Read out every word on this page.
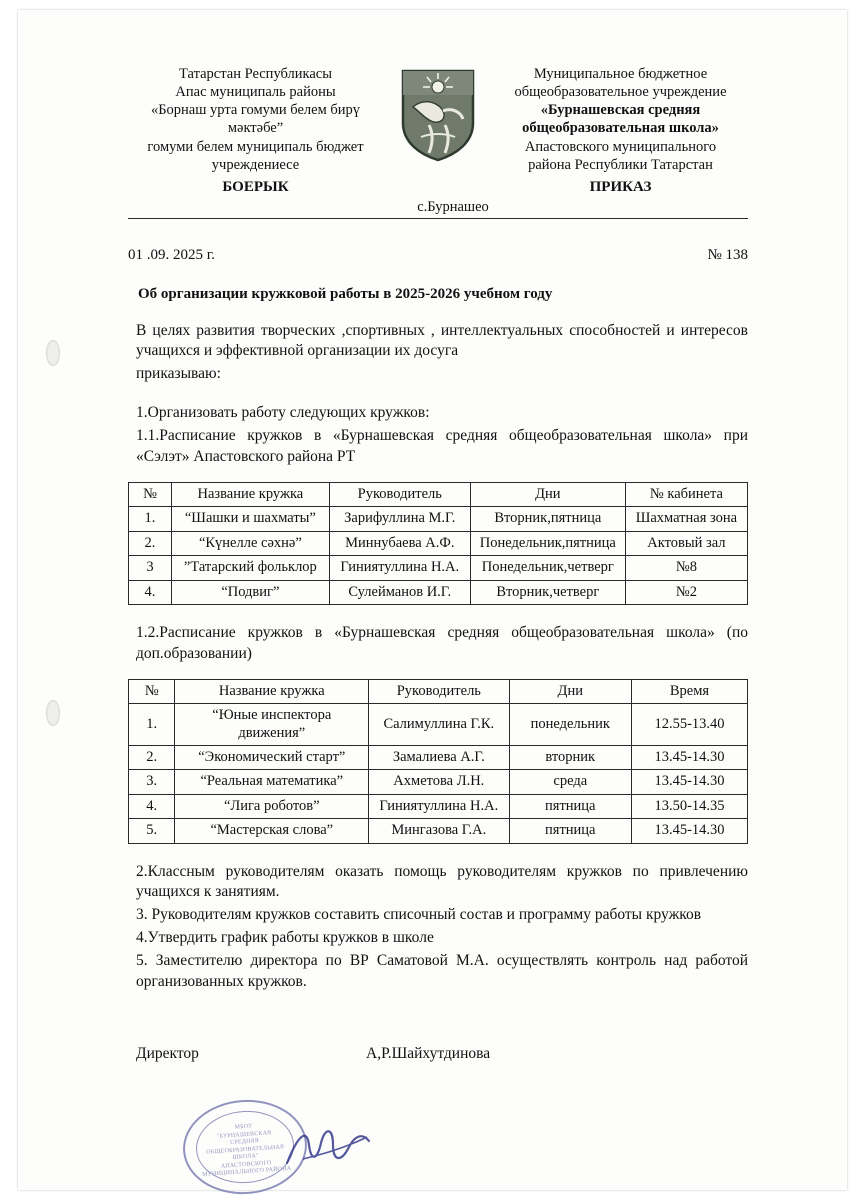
Татарстан Республикасы
Апас муниципаль районы
«Борнаш урта гомуми белем бирү
мәктәбе”
гомуми белем муниципаль бюджет
учреждениесе
БОЕРЫК
Муниципальное бюджетное
общеобразовательное учреждение
«Бурнашевская средняя
общеобразовательная школа»
Апастовского муниципального
района Республики Татарстан
ПРИКАЗ
с.Бурнашео
01 .09. 2025 г.	№ 138
Об организации кружковой работы в 2025-2026 учебном году

В целях развития творческих ,спортивных , интеллектуальных способностей и интересов учащихся и эффективной организации их досуга

приказываю:

1.Организовать работу следующих кружков:

1.1.Расписание кружков в «Бурнашевская средняя общеобразовательная школа» при «Сэлэт» Апастовского района РТ

№	Название кружка	Руководитель	Дни	№ кабинета
1.	“Шашки и шахматы”	Зарифуллина М.Г.	Вторник,пятница	Шахматная зона
2.	“Күнелле сәхнә”	Миннубаева А.Ф.	Понедельник,пятница	Актовый зал
3	”Татарский фольклор	Гиниятуллина Н.А.	Понедельник,четверг	№8
4.	“Подвиг”	Сулейманов И.Г.	Вторник,четверг	№2

1.2.Расписание кружков в «Бурнашевская средняя общеобразовательная школа» (по доп.образовании)

№	Название кружка	Руководитель	Дни	Время
1.	“Юные инспектора движения”	Салимуллина Г.К.	понедельник	12.55-13.40
2.	“Экономический старт”	Замалиева А.Г.	вторник	13.45-14.30
3.	“Реальная математика”	Ахметова Л.Н.	среда	13.45-14.30
4.	“Лига роботов”	Гиниятуллина Н.А.	пятница	13.50-14.35
5.	“Мастерская слова”	Мингазова Г.А.	пятница	13.45-14.30

2.Классным руководителям оказать помощь руководителям кружков по привлечению учащихся к занятиям.

3. Руководителям кружков составить списочный состав и программу работы кружков

4.Утвердить график работы кружков в школе

5. Заместителю директора по ВР Саматовой М.А. осуществлять контроль над работой организованных кружков.

Директор	А,Р.Шайхутдинова
МБОУ
"БУРНАШЕВСКАЯ
СРЕДНЯЯ
ОБЩЕОБРАЗОВАТЕЛЬНАЯ
ШКОЛА"
АПАСТОВСКОГО
МУНИЦИПАЛЬНОГО РАЙОНА
